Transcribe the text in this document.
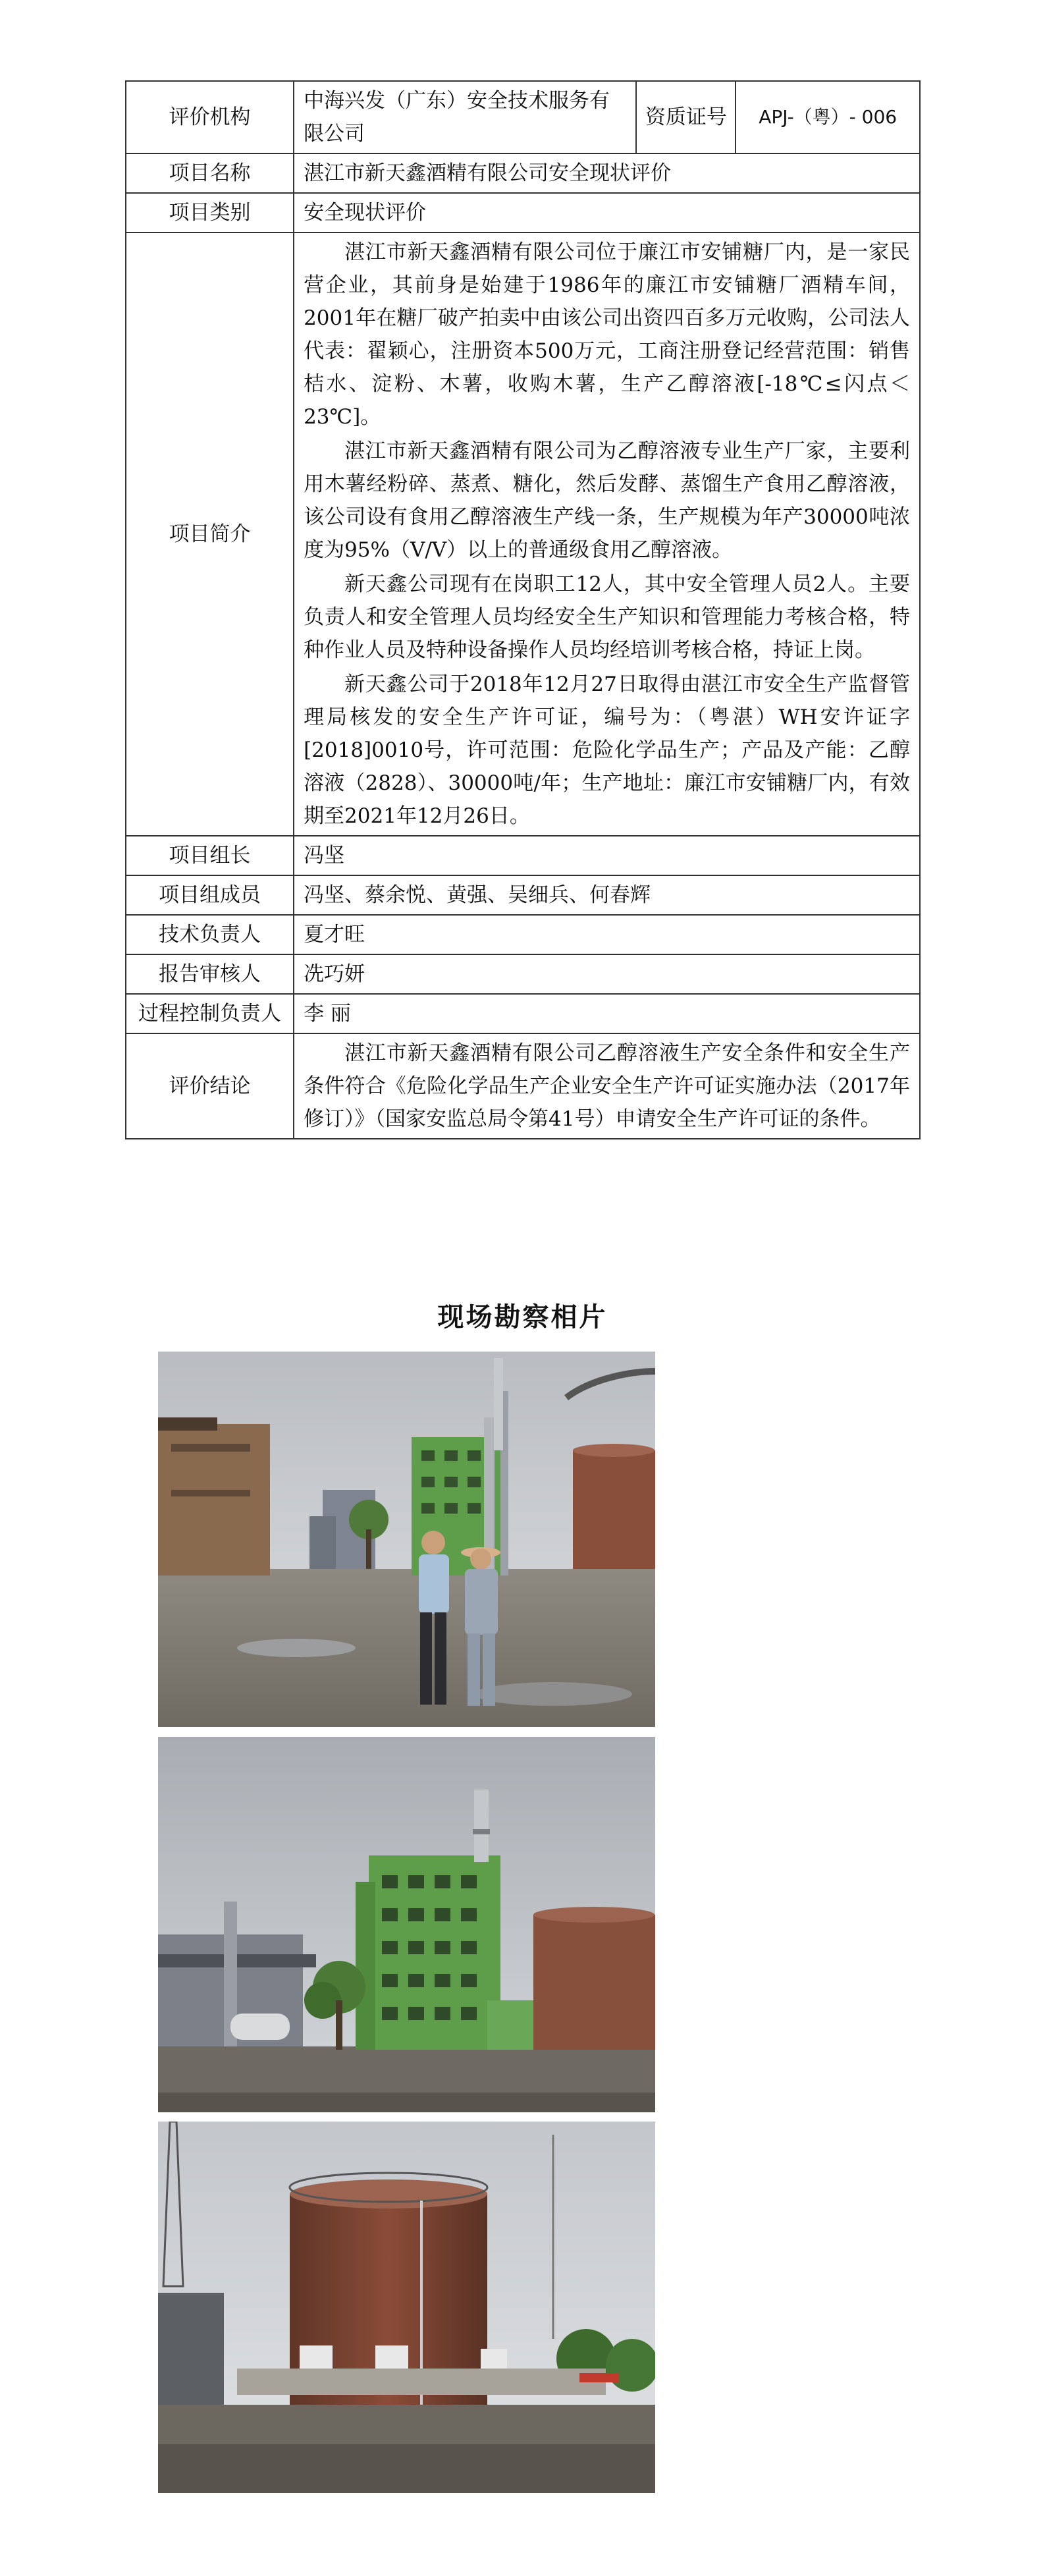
评价机构	中海兴发（广东）安全技术服务有限公司	资质证号	APJ-（粤）- 006
项目名称	湛江市新天鑫酒精有限公司安全现状评价		
项目类别	安全现状评价		
项目简介	湛江市新天鑫酒精有限公司位于廉江市安铺糖厂内，是一家民营企业，其前身是始建于1986年的廉江市安铺糖厂酒精车间，2001年在糖厂破产拍卖中由该公司出资四百多万元收购，公司法人代表：翟颖心，注册资本500万元，工商注册登记经营范围：销售桔水、淀粉、木薯，收购木薯，生产乙醇溶液[-18℃≤闪点＜23℃]。

湛江市新天鑫酒精有限公司为乙醇溶液专业生产厂家，主要利用木薯经粉碎、蒸煮、糖化，然后发酵、蒸馏生产食用乙醇溶液，该公司设有食用乙醇溶液生产线一条，生产规模为年产30000吨浓度为95%（V/V）以上的普通级食用乙醇溶液。

新天鑫公司现有在岗职工12人，其中安全管理人员2人。主要负责人和安全管理人员均经安全生产知识和管理能力考核合格，特种作业人员及特种设备操作人员均经培训考核合格，持证上岗。

新天鑫公司于2018年12月27日取得由湛江市安全生产监督管理局核发的安全生产许可证，编号为：（粤湛）WH安许证字[2018]0010号，许可范围：危险化学品生产；产品及产能：乙醇溶液（2828）、30000吨/年；生产地址：廉江市安铺糖厂内，有效期至2021年12月26日。		

项目组长	冯坚		
项目组成员	冯坚、蔡余悦、黄强、吴细兵、何春辉		
技术负责人	夏才旺		
报告审核人	冼巧妍		
过程控制负责人	李 丽		
评价结论	湛江市新天鑫酒精有限公司乙醇溶液生产安全条件和安全生产条件符合《危险化学品生产企业安全生产许可证实施办法（2017年修订）》（国家安监总局令第41号）申请安全生产许可证的条件。		

现场勘察相片
